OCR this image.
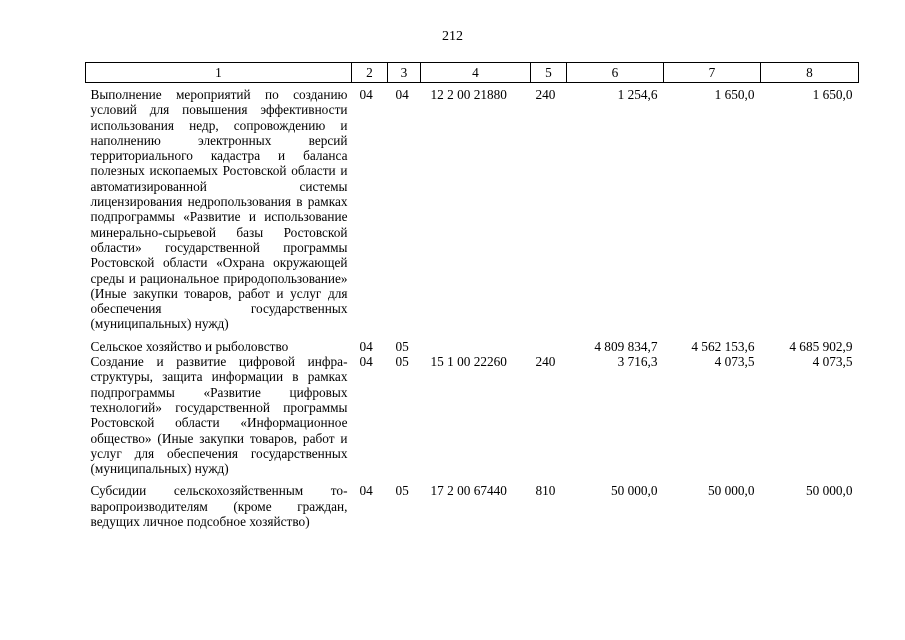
212
1	2	3	4	5	6	7	8
Выполнение мероприятий по созданию условий для повышения эффективности использования недр, сопровождению и наполнению электронных версий территориального кадастра и баланса полезных ископаемых Ростовской области и автоматизированной системы лицензирования недропользования в рамках подпрограммы «Развитие и использование минерально-сырьевой базы Ростовской области» государственной программы Ростовской области «Охрана окружающей среды и рациональное природопользование» (Иные закупки товаров, работ и услуг для обеспечения государственных (муниципальных) нужд)	04	04	12 2 00 21880	240	1 254,6	1 650,0	1 650,0
Сельское хозяйство и рыболовство	04	05			4 809 834,7	4 562 153,6	4 685 902,9
Создание и развитие цифровой инфраструктуры, защита информации в рамках подпрограммы «Развитие цифровых технологий» государственной программы Ростовской области «Информационное общество» (Иные закупки товаров, работ и услуг для обеспечения государственных (муниципальных) нужд)	04	05	15 1 00 22260	240	3 716,3	4 073,5	4 073,5
Субсидии сельскохозяйственным товаропроизводителям (кроме граждан, ведущих личное подсобное хозяйство)	04	05	17 2 00 67440	810	50 000,0	50 000,0	50 000,0
